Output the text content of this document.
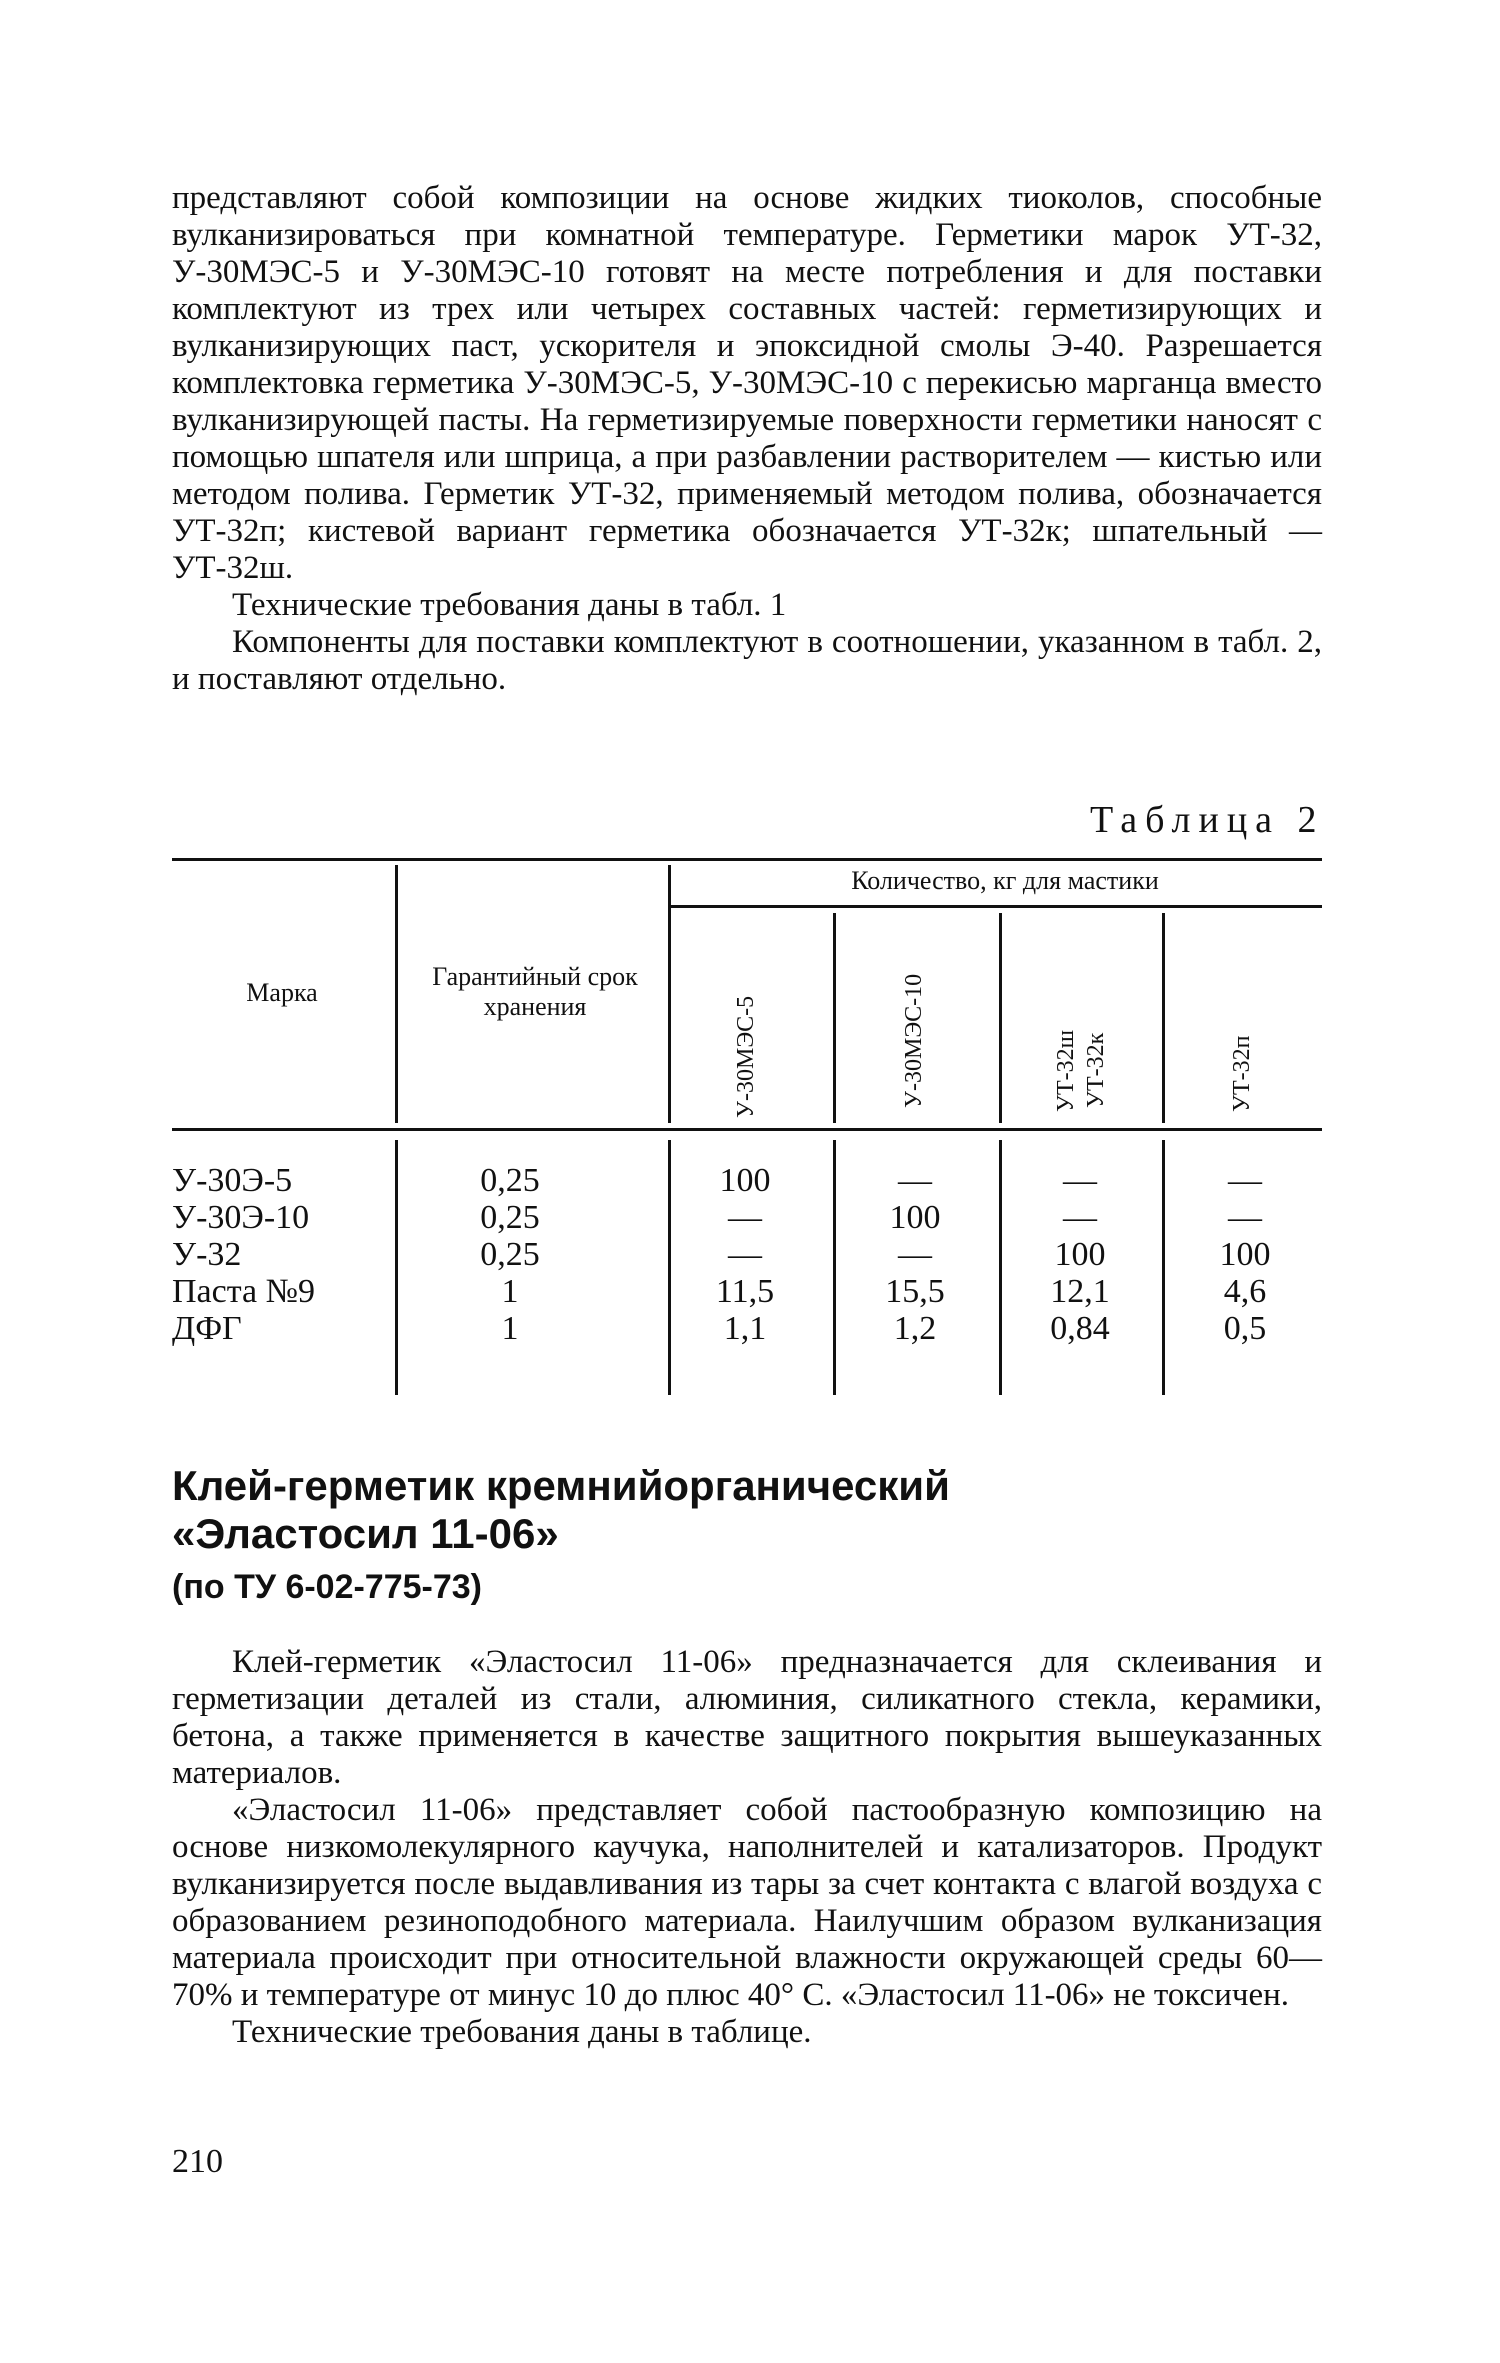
представляют собой композиции на основе жидких тиоколов, способные вулканизироваться при комнатной температуре. Герметики марок УТ-32, У-30МЭС-5 и У-30МЭС-10 готовят на месте потребления и для поставки комплектуют из трех или четырех составных частей: герметизирующих и вулканизирующих паст, ускорителя и эпоксидной смолы Э-40. Разрешается комплектовка герметика У-30МЭС-5, У-30МЭС-10 с перекисью марганца вместо вулканизирующей пасты. На герметизируемые поверхности герметики наносят с помощью шпателя или шприца, а при разбавлении растворителем — кистью или методом полива. Герметик УТ-32, применяемый методом полива, обозначается УТ-32п; кистевой вариант герметика обозначается УТ-32к; шпательный — УТ-32ш.

Технические требования даны в табл. 1

Компоненты для поставки комплектуют в соотношении, указанном в табл. 2, и поставляют отдельно.

Таблица 2
Марка
Гарантийный срок хранения
Количество, кг для мастики
У-30МЭС-5	У-30МЭС-10	УТ-32ш УТ-32к	УТ-32п
У-30Э-5	0,25	100	—	—	—
У-30Э-10	0,25	—	100	—	—
У-32	0,25	—	—	100	100
Паста №9	1	11,5	15,5	12,1	4,6
ДФГ	1	1,1	1,2	0,84	0,5
Клей-герметик кремнийорганический
«Эластосил 11-06»
(по ТУ 6-02-775-73)

Клей-герметик «Эластосил 11-06» предназначается для склеивания и герметизации деталей из стали, алюминия, силикатного стекла, керамики, бетона, а также применяется в качестве защитного покрытия вышеуказанных материалов.

«Эластосил 11-06» представляет собой пастообразную композицию на основе низкомолекулярного каучука, наполнителей и катализаторов. Продукт вулканизируется после выдавливания из тары за счет контакта с влагой воздуха с образованием резиноподобного материала. Наилучшим образом вулканизация материала происходит при относительной влажности окружающей среды 60—70% и температуре от минус 10 до плюс 40° С. «Эластосил 11-06» не токсичен.

Технические требования даны в таблице.

210
